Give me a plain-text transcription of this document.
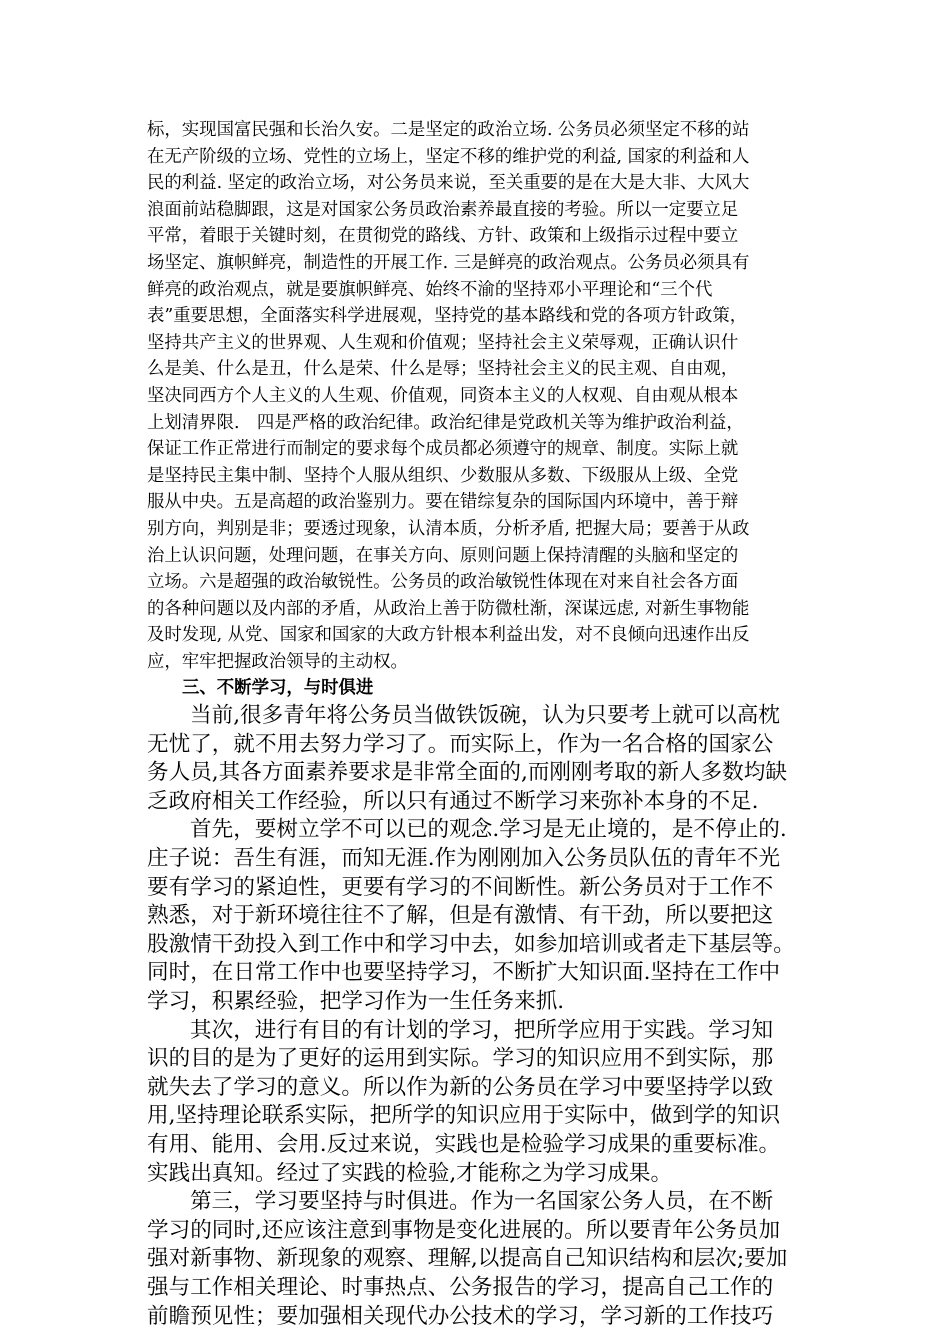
标，实现国富民强和长治久安。二是坚定的政治立场. 公务员必须坚定不移的站
在无产阶级的立场、党性的立场上，坚定不移的维护党的利益, 国家的利益和人
民的利益. 坚定的政治立场，对公务员来说，至关重要的是在大是大非、大风大
浪面前站稳脚跟，这是对国家公务员政治素养最直接的考验。所以一定要立足
平常，着眼于关键时刻，在贯彻党的路线、方针、政策和上级指示过程中要立
场坚定、旗帜鲜亮，制造性的开展工作. 三是鲜亮的政治观点。公务员必须具有
鲜亮的政治观点，就是要旗帜鲜亮、始终不渝的坚持邓小平理论和“三个代
表”重要思想，全面落实科学进展观，坚持党的基本路线和党的各项方针政策，
坚持共产主义的世界观、人生观和价值观；坚持社会主义荣辱观，正确认识什
么是美、什么是丑，什么是荣、什么是辱；坚持社会主义的民主观、自由观，
坚决同西方个人主义的人生观、价值观，同资本主义的人权观、自由观从根本
上划清界限.　四是严格的政治纪律。政治纪律是党政机关等为维护政治利益，
保证工作正常进行而制定的要求每个成员都必须遵守的规章、制度。实际上就
是坚持民主集中制、坚持个人服从组织、少数服从多数、下级服从上级、全党
服从中央。五是高超的政治鉴别力。要在错综复杂的国际国内环境中，善于辩
别方向，判别是非；要透过现象，认清本质，分析矛盾, 把握大局；要善于从政
治上认识问题，处理问题，在事关方向、原则问题上保持清醒的头脑和坚定的
立场。六是超强的政治敏锐性。公务员的政治敏锐性体现在对来自社会各方面
的各种问题以及内部的矛盾，从政治上善于防微杜渐，深谋远虑, 对新生事物能
及时发现, 从党、国家和国家的大政方针根本利益出发，对不良倾向迅速作出反
应，牢牢把握政治领导的主动权。
三、不断学习，与时俱进
当前,很多青年将公务员当做铁饭碗，认为只要考上就可以高枕
无忧了，就不用去努力学习了。而实际上，作为一名合格的国家公
务人员,其各方面素养要求是非常全面的,而刚刚考取的新人多数均缺
乏政府相关工作经验，所以只有通过不断学习来弥补本身的不足.
首先，要树立学不可以已的观念.学习是无止境的，是不停止的.
庄子说：吾生有涯，而知无涯.作为刚刚加入公务员队伍的青年不光
要有学习的紧迫性，更要有学习的不间断性。新公务员对于工作不
熟悉，对于新环境往往不了解，但是有激情、有干劲，所以要把这
股激情干劲投入到工作中和学习中去，如参加培训或者走下基层等。
同时，在日常工作中也要坚持学习，不断扩大知识面.坚持在工作中
学习，积累经验，把学习作为一生任务来抓.
其次，进行有目的有计划的学习，把所学应用于实践。学习知
识的目的是为了更好的运用到实际。学习的知识应用不到实际，那
就失去了学习的意义。所以作为新的公务员在学习中要坚持学以致
用,坚持理论联系实际，把所学的知识应用于实际中，做到学的知识
有用、能用、会用.反过来说，实践也是检验学习成果的重要标准。
实践出真知。经过了实践的检验,才能称之为学习成果。
第三，学习要坚持与时俱进。作为一名国家公务人员，在不断
学习的同时,还应该注意到事物是变化进展的。所以要青年公务员加
强对新事物、新现象的观察、理解,以提高自己知识结构和层次;要加
强与工作相关理论、时事热点、公务报告的学习，提高自己工作的
前瞻预见性；要加强相关现代办公技术的学习，学习新的工作技巧
